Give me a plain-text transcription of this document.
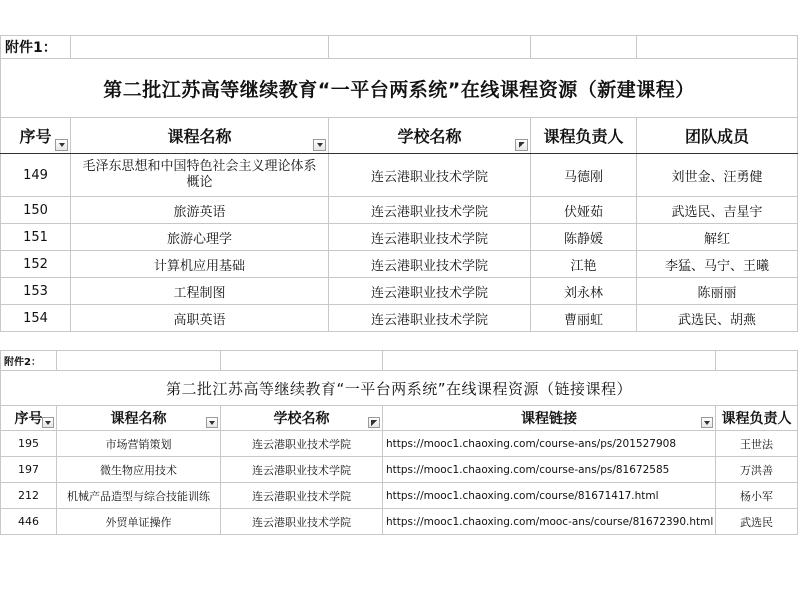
附件1：				
第二批江苏高等继续教育“一平台两系统”在线课程资源（新建课程）				
序号	课程名称	学校名称	课程负责人	团队成员
149	毛泽东思想和中国特色社会主义理论体系概论	连云港职业技术学院	马德刚	刘世金、汪勇健
150	旅游英语	连云港职业技术学院	伏娅茹	武选民、吉星宇
151	旅游心理学	连云港职业技术学院	陈静媛	解红
152	计算机应用基础	连云港职业技术学院	江艳	李猛、马宁、王曦
153	工程制图	连云港职业技术学院	刘永林	陈丽丽
154	高职英语	连云港职业技术学院	曹丽虹	武选民、胡燕
附件2：				
第二批江苏高等继续教育“一平台两系统”在线课程资源（链接课程）				
序号	课程名称	学校名称	课程链接	课程负责人
195	市场营销策划	连云港职业技术学院	https://mooc1.chaoxing.com/course-ans/ps/201527908	王世法
197	微生物应用技术	连云港职业技术学院	https://mooc1.chaoxing.com/course-ans/ps/81672585	万洪善
212	机械产品造型与综合技能训练	连云港职业技术学院	https://mooc1.chaoxing.com/course/81671417.html	杨小军
446	外贸单证操作	连云港职业技术学院	https://mooc1.chaoxing.com/mooc-ans/course/81672390.html	武选民
